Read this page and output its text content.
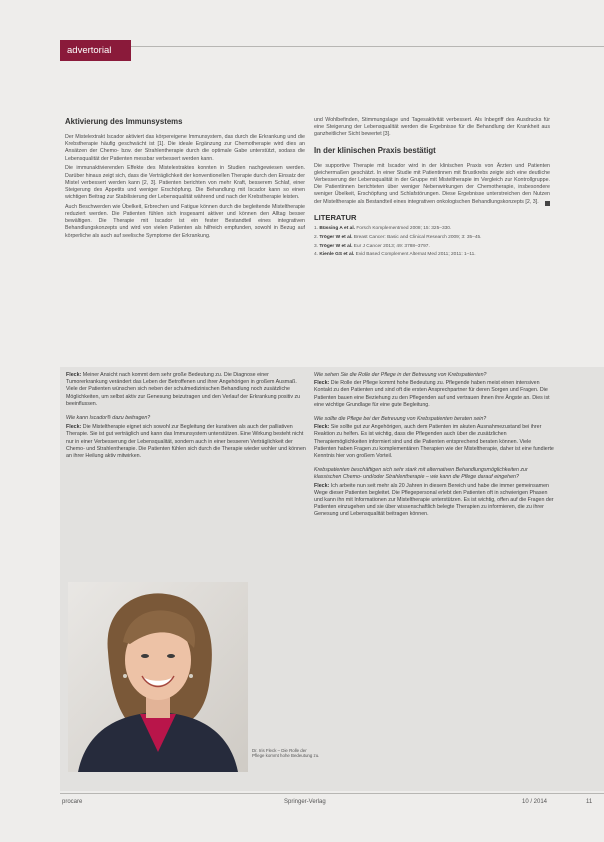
advertorial
Aktivierung des Immunsystems

Der Mistelextrakt Iscador aktiviert das körpereigene Immunsystem, das durch die Erkrankung und die Krebstherapie häufig geschwächt ist [1]. Die ideale Ergänzung zur Chemotherapie wird dies an Ansätzen der Chemo- bzw. der Strahlentherapie durch die optimale Gabe unterstützt, sodass die Lebensqualität der Patienten messbar verbessert werden kann.

Die immunaktivierenden Effekte des Mistelextraktes konnten in Studien nachgewiesen werden. Darüber hinaus zeigt sich, dass die Verträglichkeit der konventionellen Therapie durch den Einsatz der Mistel verbessert werden kann [2, 3]. Patienten berichten von mehr Kraft, besserem Schlaf, einer Steigerung des Appetits und weniger Erschöpfung. Die Behandlung mit Iscador kann so einen wichtigen Beitrag zur Stabilisierung der Lebensqualität während und nach der Krebstherapie leisten.

Auch Beschwerden wie Übelkeit, Erbrechen und Fatigue können durch die begleitende Misteltherapie reduziert werden. Die Patienten fühlen sich insgesamt aktiver und können den Alltag besser bewältigen. Die Therapie mit Iscador ist ein fester Bestandteil eines integrativen Behandlungskonzepts und wird von vielen Patienten als hilfreich empfunden, sowohl in Bezug auf körperliche als auch auf seelische Symptome der Erkrankung.

und Wohlbefinden, Stimmungslage und Tagesaktivität verbessert. Als Inbegriff des Ausdrucks für eine Steigerung der Lebensqualität werden die Ergebnisse für die Behandlung der Krankheit aus ganzheitlicher Sicht bewertet [3].

In der klinischen Praxis bestätigt

Die supportive Therapie mit Iscador wird in der klinischen Praxis von Ärzten und Patienten gleichermaßen geschätzt. In einer Studie mit Patientinnen mit Brustkrebs zeigte sich eine deutliche Verbesserung der Lebensqualität in der Gruppe mit Misteltherapie im Vergleich zur Kontrollgruppe. Die Patientinnen berichteten über weniger Nebenwirkungen der Chemotherapie, insbesondere weniger Übelkeit, Erschöpfung und Schlafstörungen. Diese Ergebnisse unterstreichen den Nutzen der Misteltherapie als Bestandteil eines integrativen onkologischen Behandlungskonzepts [2, 3].

LITERATUR

1. Büssing A et al. Forsch Komplementmed 2008; 15: 325–330.

2. Tröger W et al. Breast Cancer: Basic and Clinical Research 2009; 3: 35–45.

3. Tröger W et al. Eur J Cancer 2013; 49: 3788–3797.

4. Kienle GS et al. Evid Based Complement Alternat Med 2011; 2011: 1–11.

Fleck: Meiner Ansicht nach kommt dem sehr große Bedeutung zu. Die Diagnose einer Tumorerkrankung verändert das Leben der Betroffenen und ihrer Angehörigen in großem Ausmaß. Viele der Patienten wünschen sich neben der schulmedizinischen Behandlung noch zusätzliche Möglichkeiten, um selbst aktiv zur Genesung beizutragen und den Verlauf der Erkrankung positiv zu beeinflussen.

Wie kann Iscador® dazu beitragen?

Fleck: Die Misteltherapie eignet sich sowohl zur Begleitung der kurativen als auch der palliativen Therapie. Sie ist gut verträglich und kann das Immunsystem unterstützen. Eine Wirkung besteht nicht nur in einer Verbesserung der Lebensqualität, sondern auch in einer besseren Verträglichkeit der Chemo- und Strahlentherapie. Die Patienten fühlen sich durch die Therapie wieder wohler und können an ihrer Heilung aktiv mitwirken.

Wie sehen Sie die Rolle der Pflege in der Betreuung von Krebspatienten?

Fleck: Die Rolle der Pflege kommt hohe Bedeutung zu. Pflegende haben meist einen intensiven Kontakt zu den Patienten und sind oft die ersten Ansprechpartner für deren Sorgen und Fragen. Die Patienten bauen eine Beziehung zu den Pflegenden auf und vertrauen ihnen ihre Ängste an. Dies ist eine wichtige Grundlage für eine gute Begleitung.

Wie sollte die Pflege bei der Betreuung von Krebspatienten beraten sein?

Fleck: Sie sollte gut zur Angehörigen, auch dem Patienten im akuten Ausnahmezustand bei ihrer Reaktion zu helfen. Es ist wichtig, dass die Pflegenden auch über die zusätzlichen Therapiemöglichkeiten informiert sind und die Patienten entsprechend beraten können. Viele Patienten haben Fragen zu komplementären Therapien wie der Misteltherapie, daher ist eine fundierte Kenntnis hier von großem Vorteil.

Krebspatienten beschäftigen sich sehr stark mit alternativen Behandlungsmöglichkeiten zur klassischen Chemo- und/oder Strahlentherapie – wie kann die Pflege darauf eingehen?

Fleck: Ich arbeite nun seit mehr als 20 Jahren in diesem Bereich und habe die immer gemeinsamen Wege dieser Patienten begleitet. Die Pflegepersonal erlebt den Patienten oft in schwierigen Phasen und kann ihn mit Informationen zur Misteltherapie unterstützen. Es ist wichtig, offen auf die Fragen der Patienten einzugehen und sie über wissenschaftlich belegte Therapien zu informieren, die zu ihrer Genesung und Lebensqualität beitragen können.

Dr. Iris Fleck – Die Rolle der Pflege kommt hohe Bedeutung zu.
procare	Springer-Verlag	10 / 2014	11
